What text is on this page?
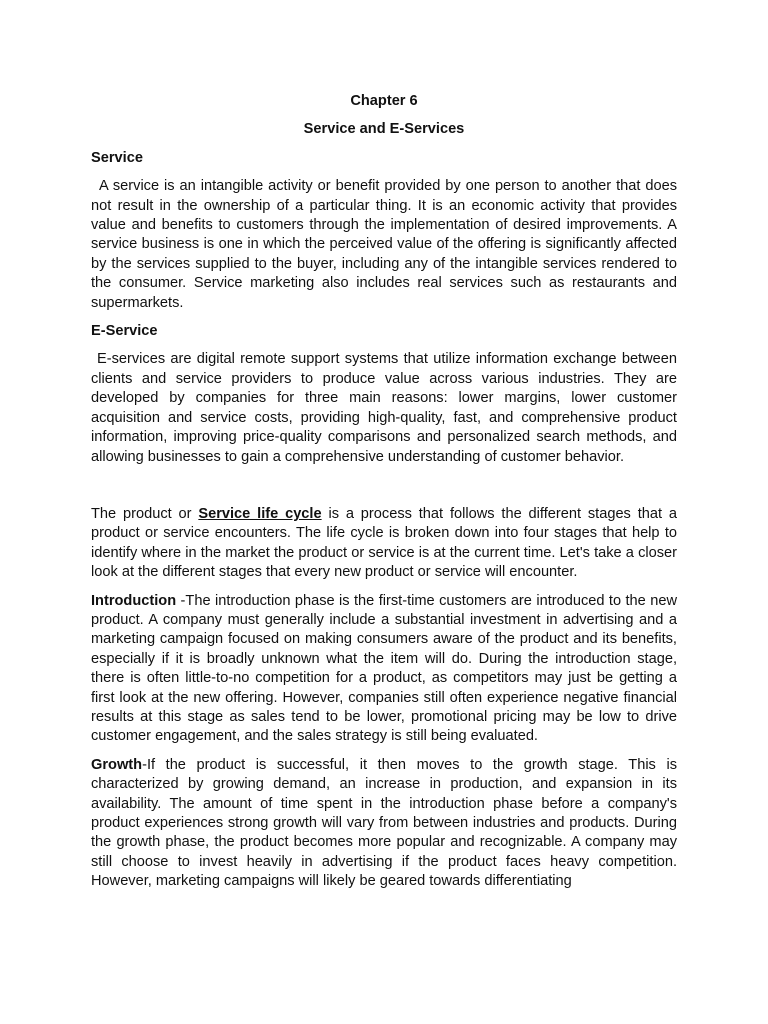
Chapter 6

Service and E-Services

Service

A service is an intangible activity or benefit provided by one person to another that does not result in the ownership of a particular thing. It is an economic activity that provides value and benefits to customers through the implementation of desired improvements. A service business is one in which the perceived value of the offering is significantly affected by the services supplied to the buyer, including any of the intangible services rendered to the consumer. Service marketing also includes real services such as restaurants and supermarkets.

E-Service

E-services are digital remote support systems that utilize information exchange between clients and service providers to produce value across various industries. They are developed by companies for three main reasons: lower margins, lower customer acquisition and service costs, providing high-quality, fast, and comprehensive product information, improving price-quality comparisons and personalized search methods, and allowing businesses to gain a comprehensive understanding of customer behavior.

The product or Service life cycle is a process that follows the different stages that a product or service encounters. The life cycle is broken down into four stages that help to identify where in the market the product or service is at the current time. Let's take a closer look at the different stages that every new product or service will encounter.

Introduction -The introduction phase is the first-time customers are introduced to the new product. A company must generally include a substantial investment in advertising and a marketing campaign focused on making consumers aware of the product and its benefits, especially if it is broadly unknown what the item will do. During the introduction stage, there is often little-to-no competition for a product, as competitors may just be getting a first look at the new offering. However, companies still often experience negative financial results at this stage as sales tend to be lower, promotional pricing may be low to drive customer engagement, and the sales strategy is still being evaluated.

Growth-If the product is successful, it then moves to the growth stage. This is characterized by growing demand, an increase in production, and expansion in its availability. The amount of time spent in the introduction phase before a company's product experiences strong growth will vary from between industries and products. During the growth phase, the product becomes more popular and recognizable. A company may still choose to invest heavily in advertising if the product faces heavy competition. However, marketing campaigns will likely be geared towards differentiating
